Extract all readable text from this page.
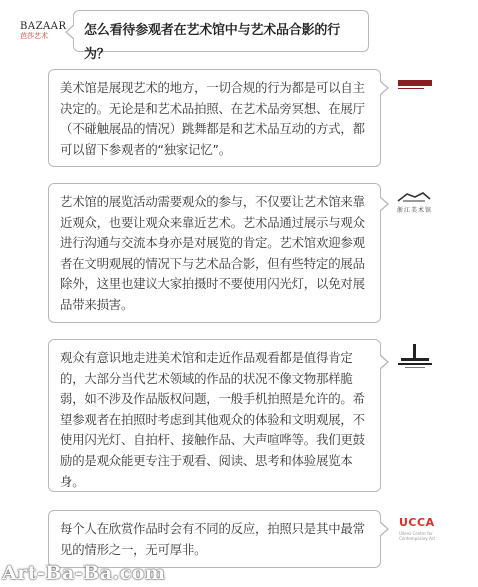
BAZAAR
芭莎艺术	怎么看待参观者在艺术馆中与艺术品合影的行为？
美术馆是展现艺术的地方，一切合规的行为都是可以自主决定的。无论是和艺术品拍照、在艺术品旁冥想、在展厅（不碰触展品的情况）跳舞都是和艺术品互动的方式，都可以留下参观者的“独家记忆”。
艺术馆的展览活动需要观众的参与，不仅要让艺术馆来靠近观众，也要让观众来靠近艺术。艺术品通过展示与观众进行沟通与交流本身亦是对展览的肯定。艺术馆欢迎参观者在文明观展的情况下与艺术品合影，但有些特定的展品除外，这里也建议大家拍摄时不要使用闪光灯，以免对展品带来损害。
浙江美术馆
观众有意识地走进美术馆和走近作品观看都是值得肯定的，大部分当代艺术领域的作品的状况不像文物那样脆弱，如不涉及作品版权问题，一般手机拍照是允许的。希望参观者在拍照时考虑到其他观众的体验和文明观展，不使用闪光灯、自拍杆、接触作品、大声喧哗等。我们更鼓励的是观众能更专注于观看、阅读、思考和体验展览本身。
每个人在欣赏作品时会有不同的反应，拍照只是其中最常见的情形之一，无可厚非。
UCCA
Ullens Center for Contemporary Art
Art-Ba-Ba.com
